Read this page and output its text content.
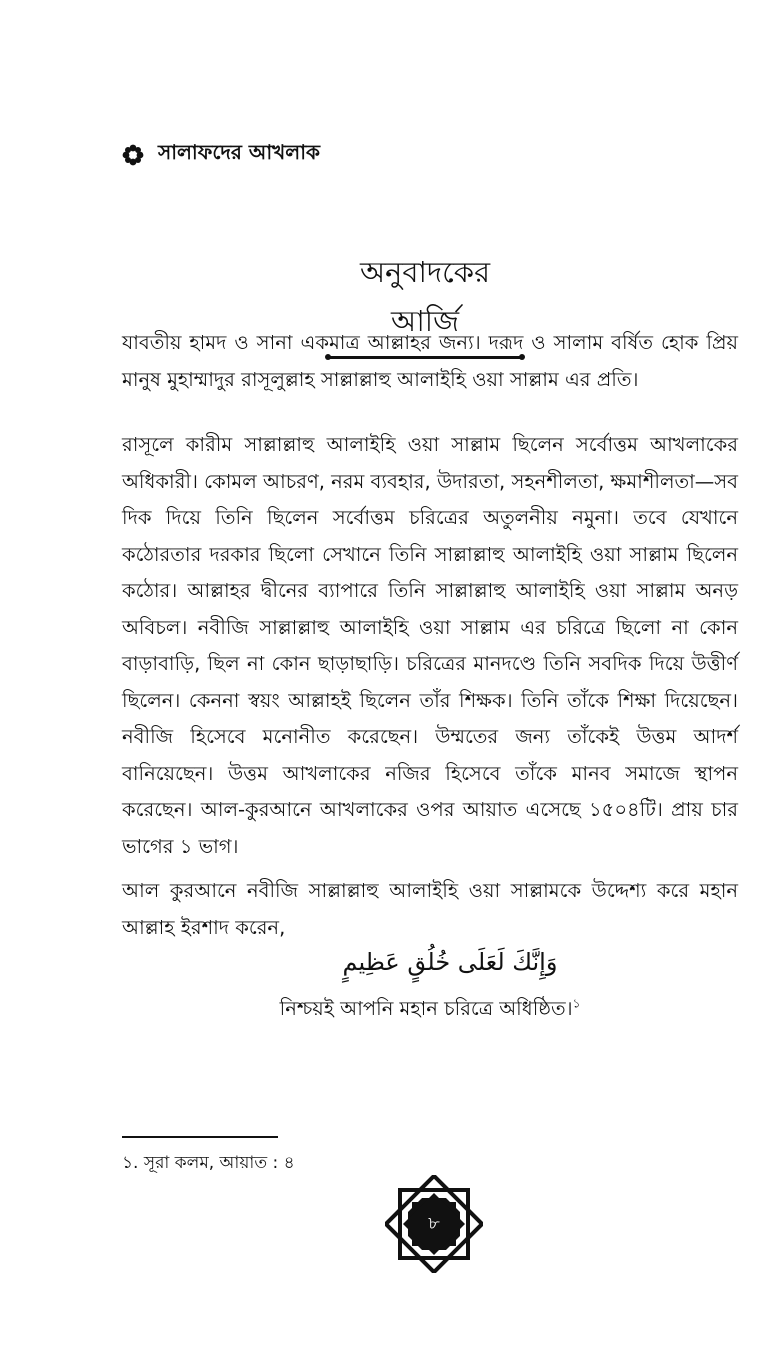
সালাফদের আখলাক
অনুবাদকের আর্জি

যাবতীয় হামদ ও সানা একমাত্র আল্লাহর জন্য। দরূদ ও সালাম বর্ষিত হোক প্রিয় মানুষ মুহাম্মাদুর রাসূলুল্লাহ সাল্লাল্লাহু আলাইহি ওয়া সাল্লাম এর প্রতি।

রাসূলে কারীম সাল্লাল্লাহু আলাইহি ওয়া সাল্লাম ছিলেন সর্বোত্তম আখলাকের অধিকারী। কোমল আচরণ, নরম ব্যবহার, উদারতা, সহনশীলতা, ক্ষমাশীলতা—সব দিক দিয়ে তিনি ছিলেন সর্বোত্তম চরিত্রের অতুলনীয় নমুনা। তবে যেখানে কঠোরতার দরকার ছিলো সেখানে তিনি সাল্লাল্লাহু আলাইহি ওয়া সাল্লাম ছিলেন কঠোর। আল্লাহর দ্বীনের ব্যাপারে তিনি সাল্লাল্লাহু আলাইহি ওয়া সাল্লাম অনড় অবিচল। নবীজি সাল্লাল্লাহু আলাইহি ওয়া সাল্লাম এর চরিত্রে ছিলো না কোন বাড়াবাড়ি, ছিল না কোন ছাড়াছাড়ি। চরিত্রের মানদণ্ডে তিনি সবদিক দিয়ে উত্তীর্ণ ছিলেন। কেননা স্বয়ং আল্লাহই ছিলেন তাঁর শিক্ষক। তিনি তাঁকে শিক্ষা দিয়েছেন। নবীজি হিসেবে মনোনীত করেছেন। উম্মতের জন্য তাঁকেই উত্তম আদর্শ বানিয়েছেন। উত্তম আখলাকের নজির হিসেবে তাঁকে মানব সমাজে স্থাপন করেছেন। আল-কুরআনে আখলাকের ওপর আয়াত এসেছে ১৫০৪টি। প্রায় চার ভাগের ১ ভাগ।

আল কুরআনে নবীজি সাল্লাল্লাহু আলাইহি ওয়া সাল্লামকে উদ্দেশ্য করে মহান আল্লাহ ইরশাদ করেন,

وَإِنَّكَ لَعَلَى خُلُقٍ عَظِيمٍ
নিশ্চয়ই আপনি মহান চরিত্রে অধিষ্ঠিত।$^১$
১. সূরা কলম, আয়াত : ৪
৮
